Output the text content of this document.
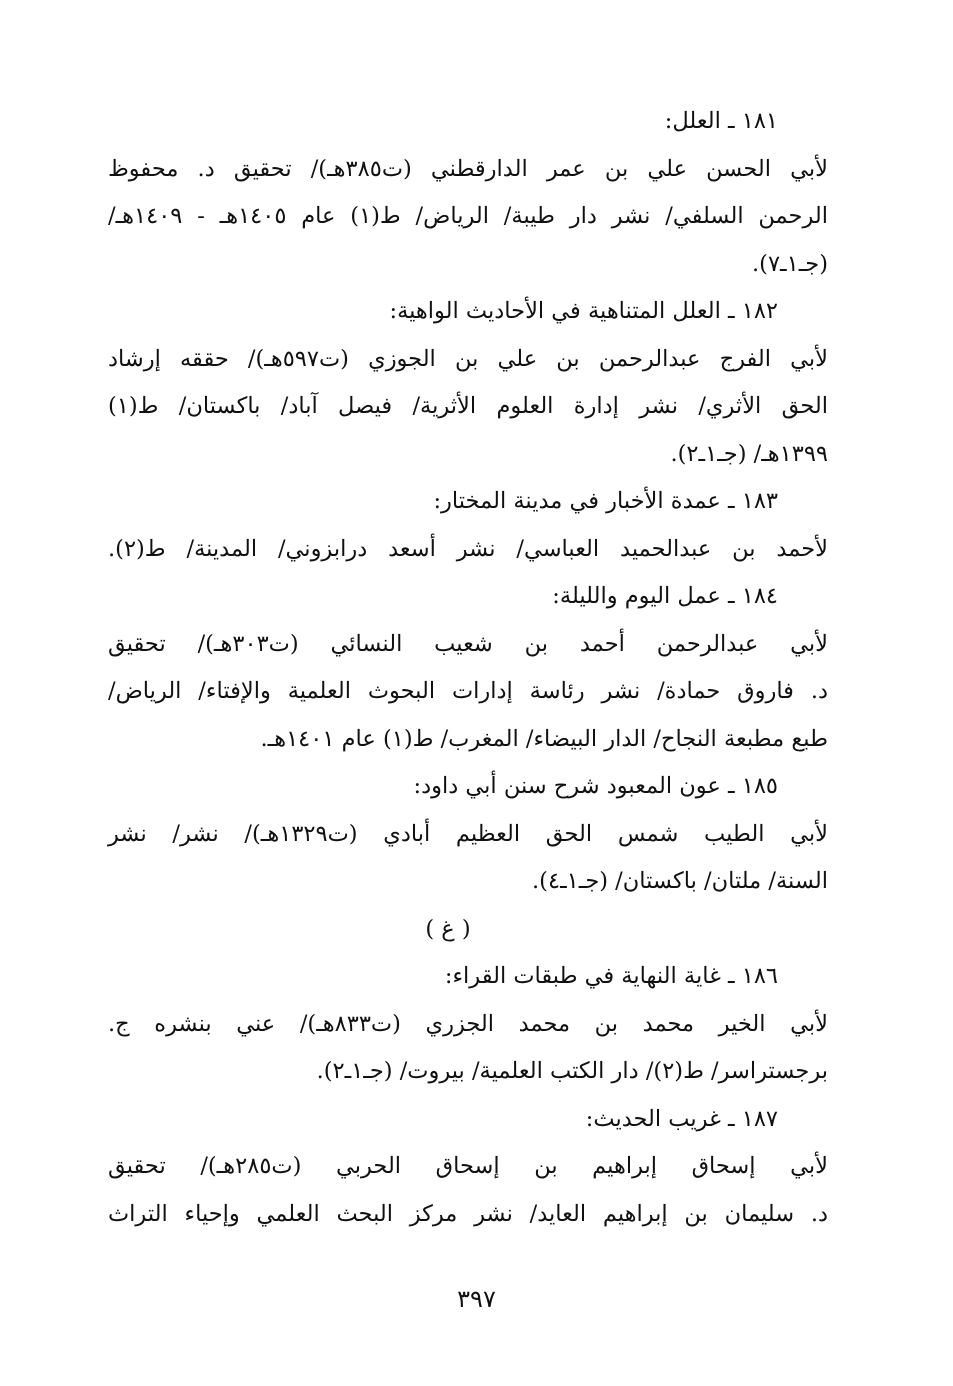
١٨١ ـ العلل:
لأبي الحسن علي بن عمر الدارقطني (ت٣٨٥هـ)/ تحقيق د. محفوظ
الرحمن السلفي/ نشر دار طيبة/ الرياض/ ط(١) عام ١٤٠٥هـ - ١٤٠٩هـ/
(جـ١ـ٧).
١٨٢ ـ العلل المتناهية في الأحاديث الواهية:
لأبي الفرج عبدالرحمن بن علي بن الجوزي (ت٥٩٧هـ)/ حققه إرشاد
الحق الأثري/ نشر إدارة العلوم الأثرية/ فيصل آباد/ باكستان/ ط(١)
١٣٩٩هـ/ (جـ١ـ٢).
١٨٣ ـ عمدة الأخبار في مدينة المختار:
لأحمد بن عبدالحميد العباسي/ نشر أسعد درابزوني/ المدينة/ ط(٢).
١٨٤ ـ عمل اليوم والليلة:
لأبي عبدالرحمن أحمد بن شعيب النسائي (ت٣٠٣هـ)/ تحقيق
د. فاروق حمادة/ نشر رئاسة إدارات البحوث العلمية والإفتاء/ الرياض/
طبع مطبعة النجاح/ الدار البيضاء/ المغرب/ ط(١) عام ١٤٠١هـ.
١٨٥ ـ عون المعبود شرح سنن أبي داود:
لأبي الطيب شمس الحق العظيم أبادي (ت١٣٢٩هـ)/ نشر/ نشر
السنة/ ملتان/ باكستان/ (جـ١ـ٤).
( غ )
١٨٦ ـ غاية النهاية في طبقات القراء:
لأبي الخير محمد بن محمد الجزري (ت٨٣٣هـ)/ عني بنشره ج.
برجستراسر/ ط(٢)/ دار الكتب العلمية/ بيروت/ (جـ١ـ٢).
١٨٧ ـ غريب الحديث:
لأبي إسحاق إبراهيم بن إسحاق الحربي (ت٢٨٥هـ)/ تحقيق
د. سليمان بن إبراهيم العايد/ نشر مركز البحث العلمي وإحياء التراث
٣٩٧
